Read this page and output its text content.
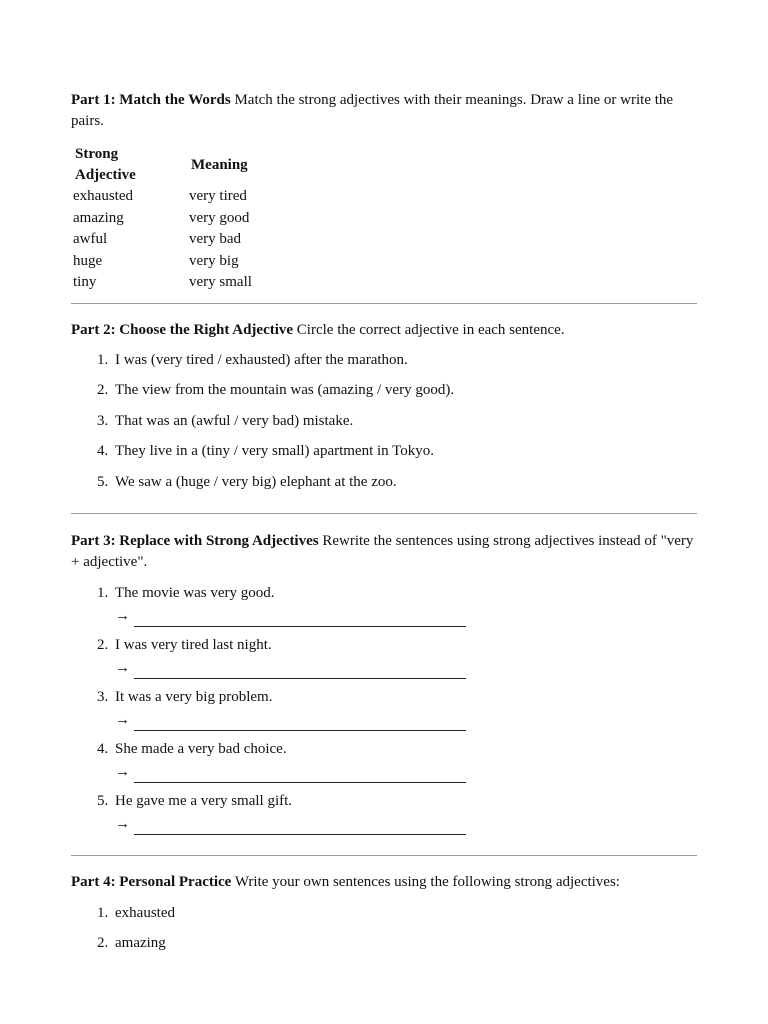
Part 1: Match the Words Match the strong adjectives with their meanings. Draw a line or write the pairs.

Strong Adjective	Meaning
exhausted	very tired
amazing	very good
awful	very bad
huge	very big
tiny	very small

Part 2: Choose the Right Adjective Circle the correct adjective in each sentence.

1. I was (very tired / exhausted) after the marathon.
2. The view from the mountain was (amazing / very good).
3. That was an (awful / very bad) mistake.
4. They live in a (tiny / very small) apartment in Tokyo.
5. We saw a (huge / very big) elephant at the zoo.

Part 3: Replace with Strong Adjectives Rewrite the sentences using strong adjectives instead of "very + adjective".

1. The movie was very good.
→
2. I was very tired last night.
→
3. It was a very big problem.
→
4. She made a very bad choice.
→
5. He gave me a very small gift.
→

Part 4: Personal Practice Write your own sentences using the following strong adjectives:

1. exhausted
2. amazing
